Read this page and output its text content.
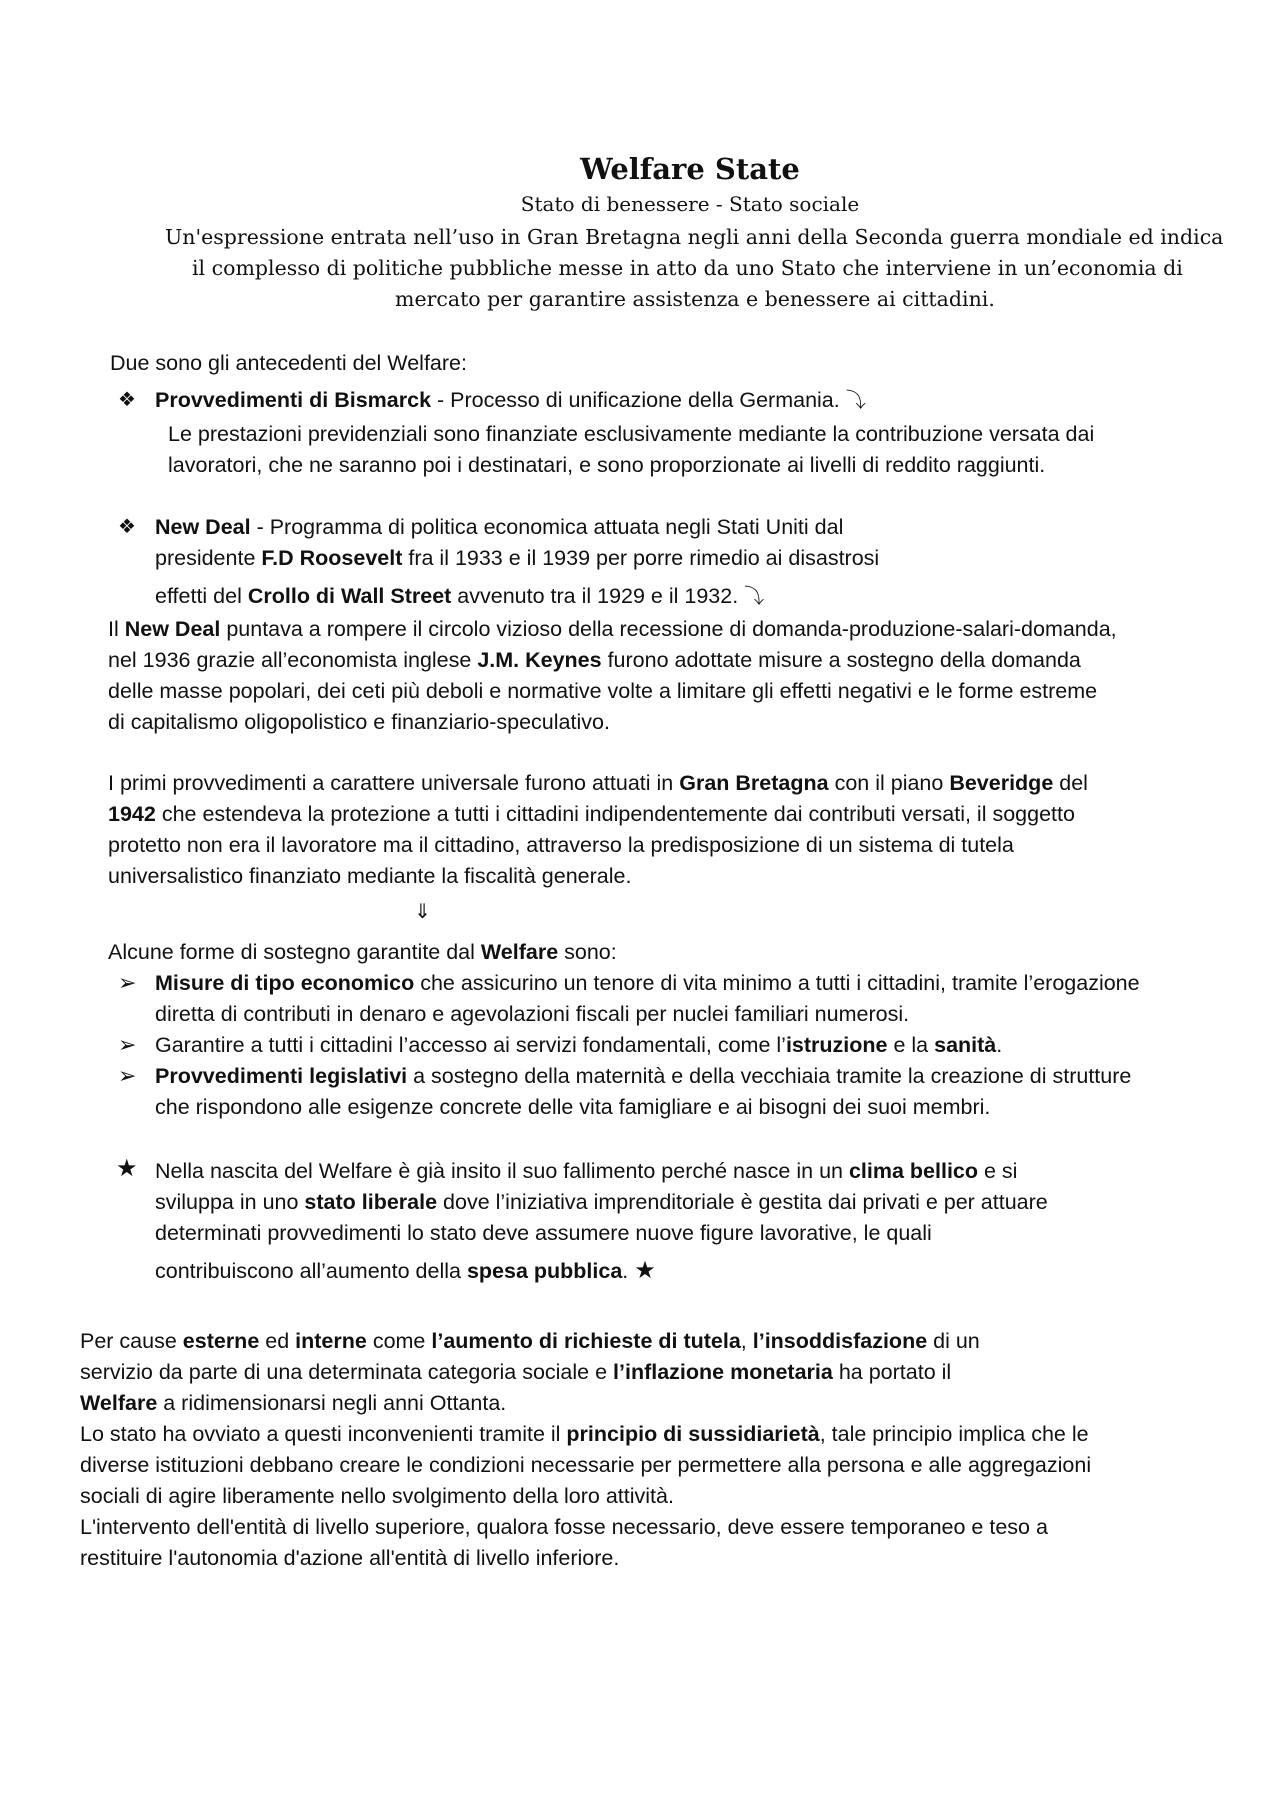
Welfare State
Stato di benessere - Stato sociale
Un'espressione entrata nell’uso in Gran Bretagna negli anni della Seconda guerra mondiale ed indica
il complesso di politiche pubbliche messe in atto da uno Stato che interviene in un’economia di
mercato per garantire assistenza e benessere ai cittadini.
Due sono gli antecedenti del Welfare:
❖ Provvedimenti di Bismarck - Processo di unificazione della Germania. ⤵
Le prestazioni previdenziali sono finanziate esclusivamente mediante la contribuzione versata dai
lavoratori, che ne saranno poi i destinatari, e sono proporzionate ai livelli di reddito raggiunti.
❖ New Deal - Programma di politica economica attuata negli Stati Uniti dal
presidente F.D Roosevelt fra il 1933 e il 1939 per porre rimedio ai disastrosi
effetti del Crollo di Wall Street avvenuto tra il 1929 e il 1932. ⤵
Il New Deal puntava a rompere il circolo vizioso della recessione di domanda-produzione-salari-domanda,
nel 1936 grazie all’economista inglese J.M. Keynes furono adottate misure a sostegno della domanda
delle masse popolari, dei ceti più deboli e normative volte a limitare gli effetti negativi e le forme estreme
di capitalismo oligopolistico e finanziario-speculativo.
I primi provvedimenti a carattere universale furono attuati in Gran Bretagna con il piano Beveridge del
1942 che estendeva la protezione a tutti i cittadini indipendentemente dai contributi versati, il soggetto
protetto non era il lavoratore ma il cittadino, attraverso la predisposizione di un sistema di tutela
universalistico finanziato mediante la fiscalità generale.
⇓
Alcune forme di sostegno garantite dal Welfare sono:
➢ Misure di tipo economico che assicurino un tenore di vita minimo a tutti i cittadini, tramite l’erogazione
diretta di contributi in denaro e agevolazioni fiscali per nuclei familiari numerosi.
➢ Garantire a tutti i cittadini l’accesso ai servizi fondamentali, come l’istruzione e la sanità.
➢ Provvedimenti legislativi a sostegno della maternità e della vecchiaia tramite la creazione di strutture
che rispondono alle esigenze concrete delle vita famigliare e ai bisogni dei suoi membri.
★ Nella nascita del Welfare è già insito il suo fallimento perché nasce in un clima bellico e si
sviluppa in uno stato liberale dove l’iniziativa imprenditoriale è gestita dai privati e per attuare
determinati provvedimenti lo stato deve assumere nuove figure lavorative, le quali
contribuiscono all’aumento della spesa pubblica. ★
Per cause esterne ed interne come l’aumento di richieste di tutela, l’insoddisfazione di un
servizio da parte di una determinata categoria sociale e l’inflazione monetaria ha portato il
Welfare a ridimensionarsi negli anni Ottanta.
Lo stato ha ovviato a questi inconvenienti tramite il principio di sussidiarietà, tale principio implica che le
diverse istituzioni debbano creare le condizioni necessarie per permettere alla persona e alle aggregazioni
sociali di agire liberamente nello svolgimento della loro attività.
L'intervento dell'entità di livello superiore, qualora fosse necessario, deve essere temporaneo e teso a
restituire l'autonomia d'azione all'entità di livello inferiore.
